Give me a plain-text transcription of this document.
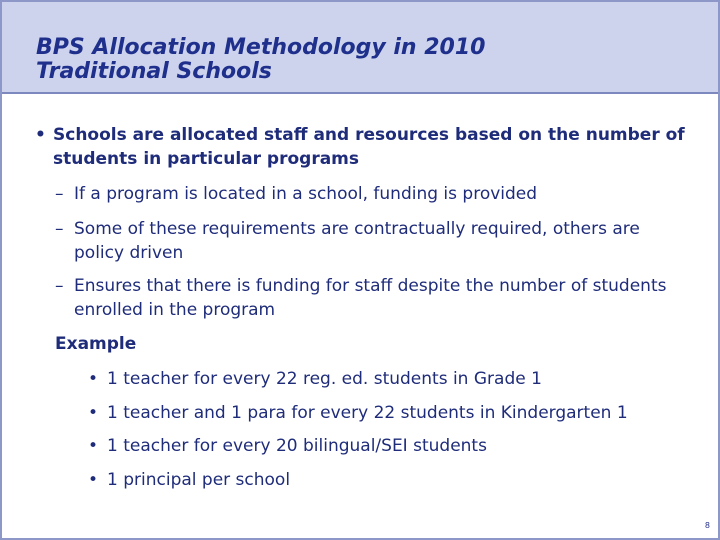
BPS Allocation Methodology in 2010
Traditional Schools
• Schools are allocated staff and resources based on the number of students in particular programs
– If a program is located in a school, funding is provided
– Some of these requirements are contractually required, others are policy driven
– Ensures that there is funding for staff despite the number of students enrolled in the program
Example
• 1 teacher for every 22 reg. ed. students in Grade 1
• 1 teacher and 1 para for every 22 students in Kindergarten 1
• 1 teacher for every 20 bilingual/SEI students
• 1 principal per school
8
